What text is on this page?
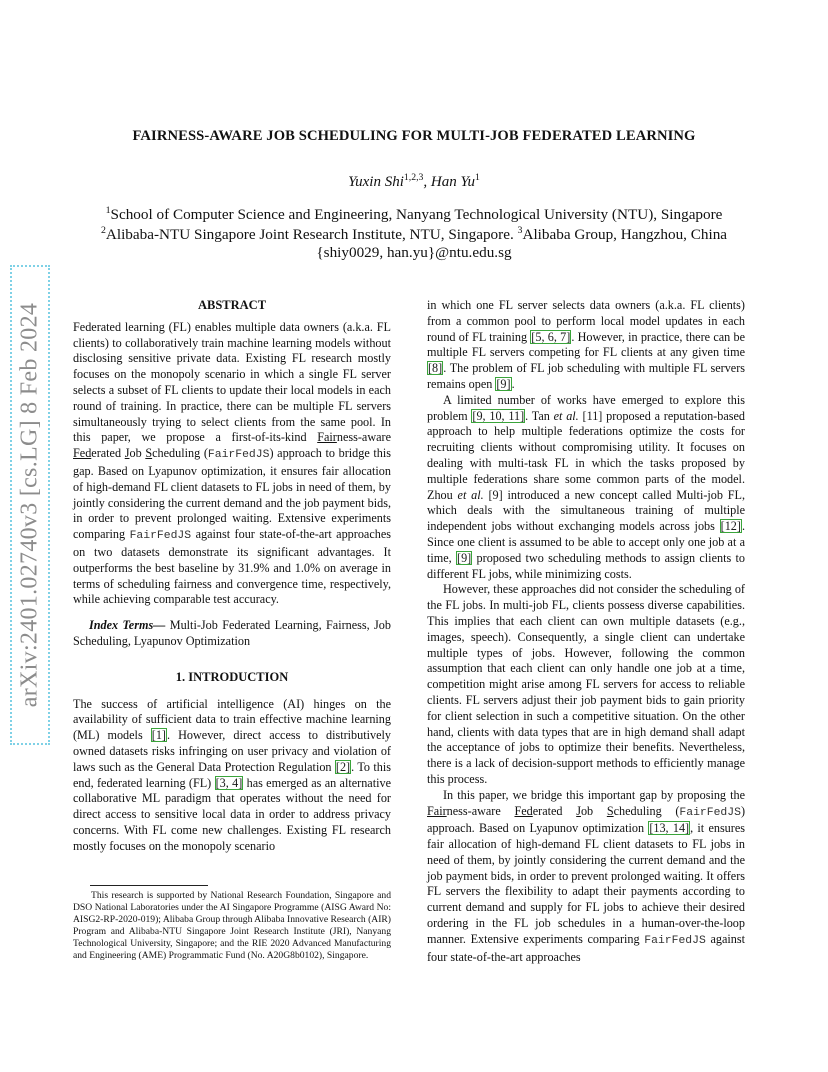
arXiv:2401.02740v3 [cs.LG] 8 Feb 2024
FAIRNESS-AWARE JOB SCHEDULING FOR MULTI-JOB FEDERATED LEARNING
Yuxin Shi$^{1,2,3}$, Han Yu$^1$
$^1$School of Computer Science and Engineering, Nanyang Technological University (NTU), Singapore
$^2$Alibaba-NTU Singapore Joint Research Institute, NTU, Singapore. $^3$Alibaba Group, Hangzhou, China
{shiy0029, han.yu}@ntu.edu.sg

ABSTRACT

Federated learning (FL) enables multiple data owners (a.k.a. FL clients) to collaboratively train machine learning models without disclosing sensitive private data. Existing FL research mostly focuses on the monopoly scenario in which a single FL server selects a subset of FL clients to update their local models in each round of training. In practice, there can be multiple FL servers simultaneously trying to select clients from the same pool. In this paper, we propose a first-of-its-kind Fairness-aware Federated Job Scheduling (FairFedJS) approach to bridge this gap. Based on Lyapunov optimization, it ensures fair allocation of high-demand FL client datasets to FL jobs in need of them, by jointly considering the current demand and the job payment bids, in order to prevent prolonged waiting. Extensive experiments comparing FairFedJS against four state-of-the-art approaches on two datasets demonstrate its significant advantages. It outperforms the best baseline by 31.9% and 1.0% on average in terms of scheduling fairness and convergence time, respectively, while achieving comparable test accuracy.

Index Terms— Multi-Job Federated Learning, Fairness, Job Scheduling, Lyapunov Optimization

1. INTRODUCTION

The success of artificial intelligence (AI) hinges on the availability of sufficient data to train effective machine learning (ML) models [1]. However, direct access to distributively owned datasets risks infringing on user privacy and violation of laws such as the General Data Protection Regulation [2]. To this end, federated learning (FL) [3, 4] has emerged as an alternative collaborative ML paradigm that operates without the need for direct access to sensitive local data in order to address privacy concerns. With FL come new challenges. Existing FL research mostly focuses on the monopoly scenario

This research is supported by National Research Foundation, Singapore and DSO National Laboratories under the AI Singapore Programme (AISG Award No: AISG2-RP-2020-019); Alibaba Group through Alibaba Innovative Research (AIR) Program and Alibaba-NTU Singapore Joint Research Institute (JRI), Nanyang Technological University, Singapore; and the RIE 2020 Advanced Manufacturing and Engineering (AME) Programmatic Fund (No. A20G8b0102), Singapore.

in which one FL server selects data owners (a.k.a. FL clients) from a common pool to perform local model updates in each round of FL training [5, 6, 7]. However, in practice, there can be multiple FL servers competing for FL clients at any given time [8]. The problem of FL job scheduling with multiple FL servers remains open [9].

A limited number of works have emerged to explore this problem [9, 10, 11]. Tan et al. [11] proposed a reputation-based approach to help multiple federations optimize the costs for recruiting clients without compromising utility. It focuses on dealing with multi-task FL in which the tasks proposed by multiple federations share some common parts of the model. Zhou et al. [9] introduced a new concept called Multi-job FL, which deals with the simultaneous training of multiple independent jobs without exchanging models across jobs [12]. Since one client is assumed to be able to accept only one job at a time, [9] proposed two scheduling methods to assign clients to different FL jobs, while minimizing costs.

However, these approaches did not consider the scheduling of the FL jobs. In multi-job FL, clients possess diverse capabilities. This implies that each client can own multiple datasets (e.g., images, speech). Consequently, a single client can undertake multiple types of jobs. However, following the common assumption that each client can only handle one job at a time, competition might arise among FL servers for access to reliable clients. FL servers adjust their job payment bids to gain priority for client selection in such a competitive situation. On the other hand, clients with data types that are in high demand shall adapt the acceptance of jobs to optimize their benefits. Nevertheless, there is a lack of decision-support methods to efficiently manage this process.

In this paper, we bridge this important gap by proposing the Fairness-aware Federated Job Scheduling (FairFedJS) approach. Based on Lyapunov optimization [13, 14], it ensures fair allocation of high-demand FL client datasets to FL jobs in need of them, by jointly considering the current demand and the job payment bids, in order to prevent prolonged waiting. It offers FL servers the flexibility to adapt their payments according to current demand and supply for FL jobs to achieve their desired ordering in the FL job schedules in a human-over-the-loop manner. Extensive experiments comparing FairFedJS against four state-of-the-art approaches
